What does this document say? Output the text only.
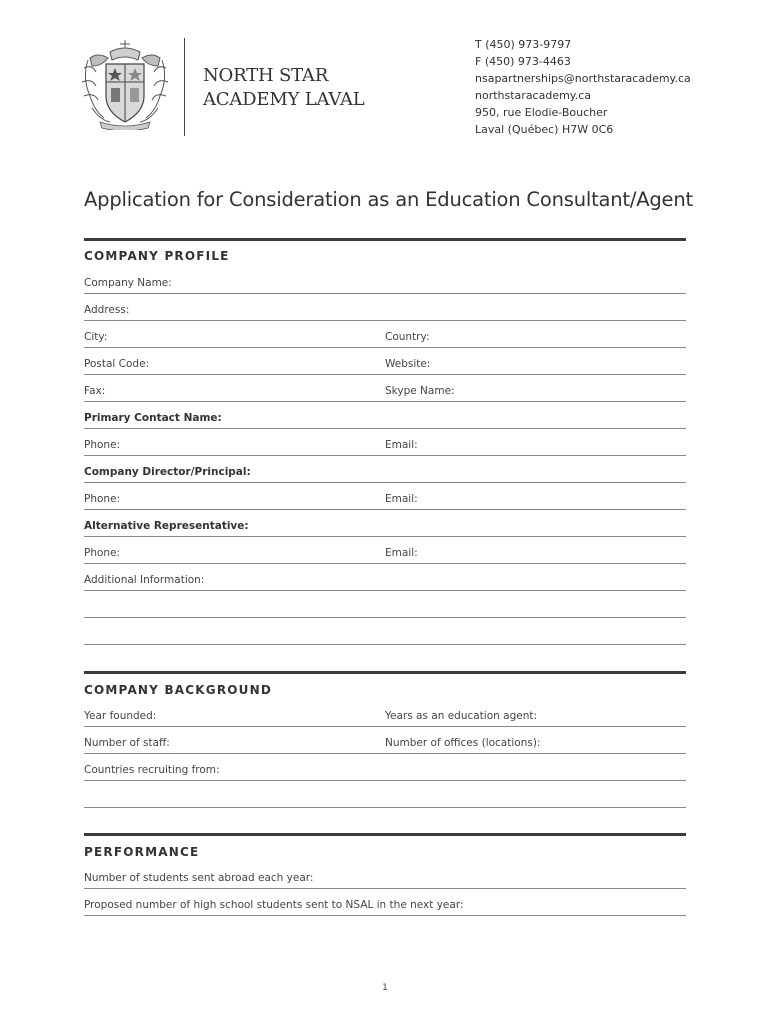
NORTH STAR
ACADEMY LAVAL
T (450) 973-9797
F (450) 973-4463
nsapartnerships@northstaracademy.ca
northstaracademy.ca
950, rue Elodie-Boucher
Laval (Québec) H7W 0C6
Application for Consideration as an Education Consultant/Agent
COMPANY PROFILE
Company Name:
Address:
City:	Country:
Postal Code:	Website:
Fax:	Skype Name:
Primary Contact Name:
Phone:	Email:
Company Director/Principal:
Phone:	Email:
Alternative Representative:
Phone:	Email:
Additional Information:
COMPANY BACKGROUND
Year founded:	Years as an education agent:
Number of staff:	Number of offices (locations):
Countries recruiting from:
PERFORMANCE
Number of students sent abroad each year:
Proposed number of high school students sent to NSAL in the next year:
1
